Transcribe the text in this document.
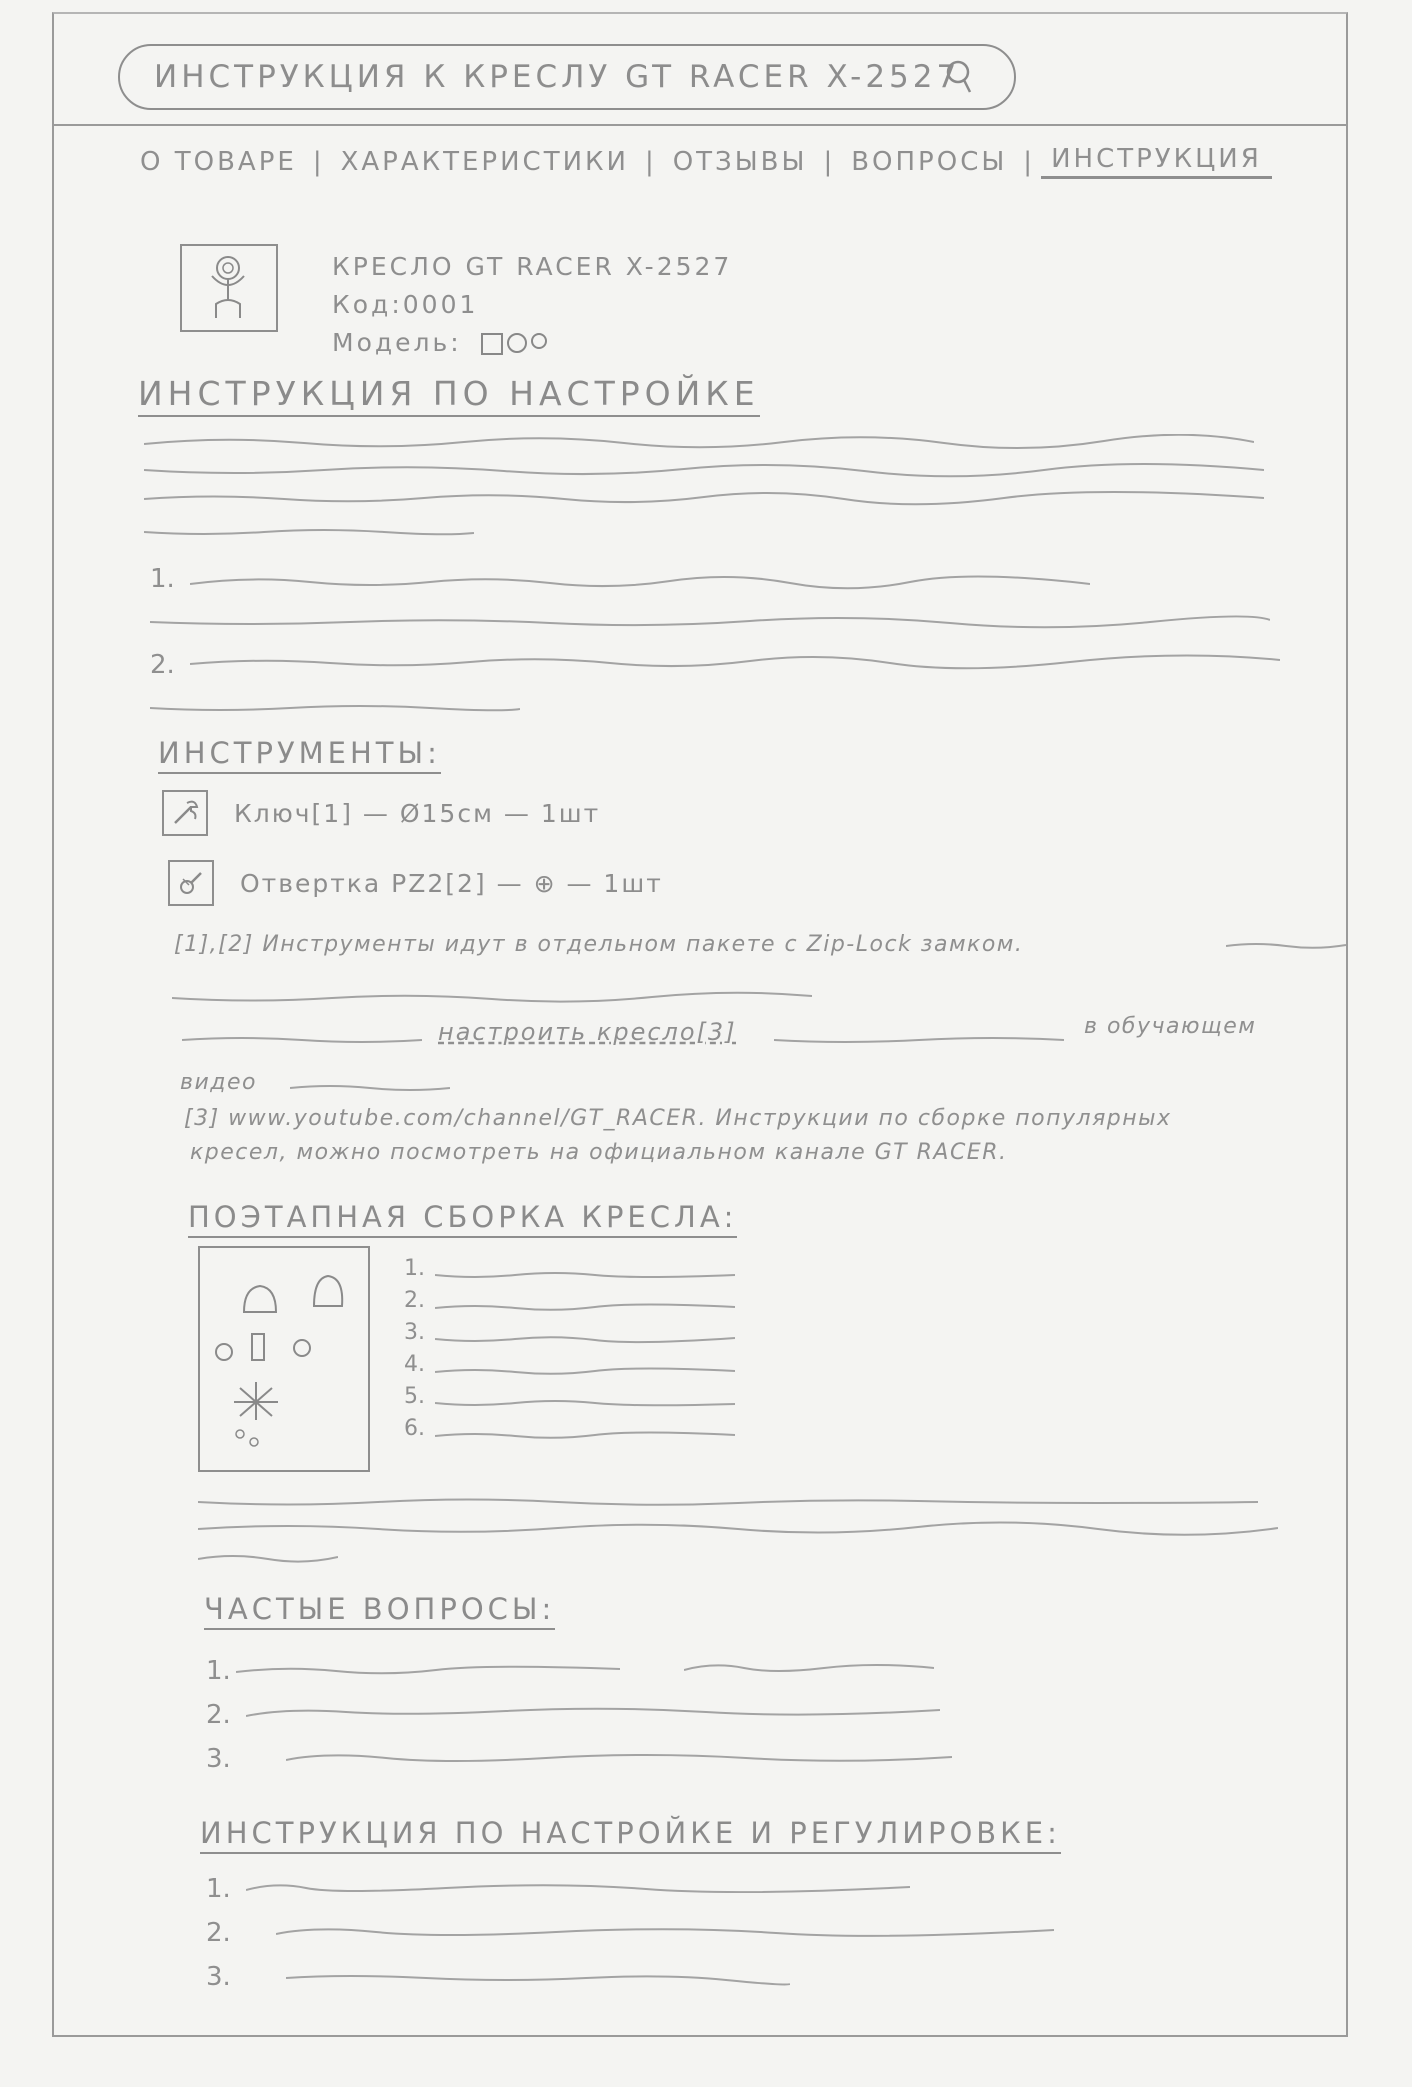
ИНСТРУКЦИЯ К КРЕСЛУ GT RACER X-2527
О ТОВАРЕ | ХАРАКТЕРИСТИКИ | ОТЗЫВЫ | ВОПРОСЫ | ИНСТРУКЦИЯ
КРЕСЛО GT RACER X-2527
Код:0001
Модель:
ИНСТРУКЦИЯ ПО НАСТРОЙКЕ
1.
2.
ИНСТРУМЕНТЫ:
Ключ[1] — Ø15см — 1шт
Отвертка PZ2[2] — ⊕ — 1шт
[1],[2] Инструменты идут в отдельном пакете с Zip-Lock замком.
настроить кресло[3]	в обучающем
видео
[3] www.youtube.com/channel/GT_RACER. Инструкции по сборке популярных
кресел, можно посмотреть на официальном канале GT RACER.
ПОЭТАПНАЯ СБОРКА КРЕСЛА:
1.
2.
3.
4.
5.
6.
ЧАСТЫЕ ВОПРОСЫ:
1.
2.
3.
ИНСТРУКЦИЯ ПО НАСТРОЙКЕ И РЕГУЛИРОВКЕ:
1.
2.
3.
